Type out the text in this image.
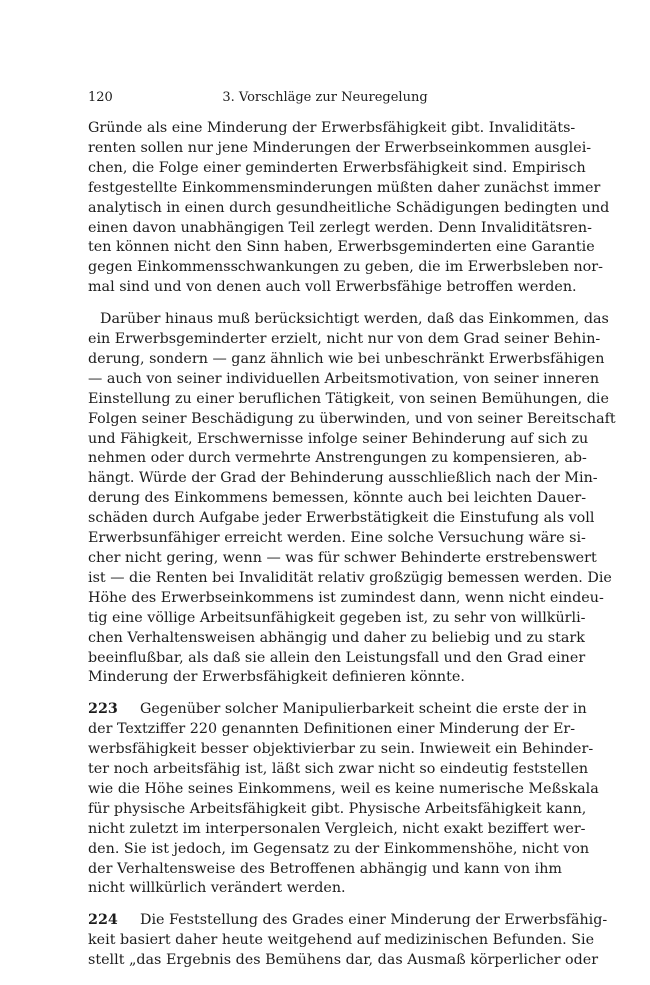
120	3. Vorschläge zur Neuregelung
Gründe als eine Minderung der Erwerbsfähigkeit gibt. Invaliditäts-
renten sollen nur jene Minderungen der Erwerbseinkommen ausglei-
chen, die Folge einer geminderten Erwerbsfähigkeit sind. Empirisch
festgestellte Einkommensminderungen müßten daher zunächst immer
analytisch in einen durch gesundheitliche Schädigungen bedingten und
einen davon unabhängigen Teil zerlegt werden. Denn Invaliditätsren-
ten können nicht den Sinn haben, Erwerbsgeminderten eine Garantie
gegen Einkommensschwankungen zu geben, die im Erwerbsleben nor-
mal sind und von denen auch voll Erwerbsfähige betroffen werden.
Darüber hinaus muß berücksichtigt werden, daß das Einkommen, das
ein Erwerbsgeminderter erzielt, nicht nur von dem Grad seiner Behin-
derung, sondern — ganz ähnlich wie bei unbeschränkt Erwerbsfähigen
— auch von seiner individuellen Arbeitsmotivation, von seiner inneren
Einstellung zu einer beruflichen Tätigkeit, von seinen Bemühungen, die
Folgen seiner Beschädigung zu überwinden, und von seiner Bereitschaft
und Fähigkeit, Erschwernisse infolge seiner Behinderung auf sich zu
nehmen oder durch vermehrte Anstrengungen zu kompensieren, ab-
hängt. Würde der Grad der Behinderung ausschließlich nach der Min-
derung des Einkommens bemessen, könnte auch bei leichten Dauer-
schäden durch Aufgabe jeder Erwerbstätigkeit die Einstufung als voll
Erwerbsunfähiger erreicht werden. Eine solche Versuchung wäre si-
cher nicht gering, wenn — was für schwer Behinderte erstrebenswert
ist — die Renten bei Invalidität relativ großzügig bemessen werden. Die
Höhe des Erwerbseinkommens ist zumindest dann, wenn nicht eindeu-
tig eine völlige Arbeitsunfähigkeit gegeben ist, zu sehr von willkürli-
chen Verhaltensweisen abhängig und daher zu beliebig und zu stark
beeinflußbar, als daß sie allein den Leistungsfall und den Grad einer
Minderung der Erwerbsfähigkeit definieren könnte.
223 Gegenüber solcher Manipulierbarkeit scheint die erste der in
der Textziffer 220 genannten Definitionen einer Minderung der Er-
werbsfähigkeit besser objektivierbar zu sein. Inwieweit ein Behinder-
ter noch arbeitsfähig ist, läßt sich zwar nicht so eindeutig feststellen
wie die Höhe seines Einkommens, weil es keine numerische Meßskala
für physische Arbeitsfähigkeit gibt. Physische Arbeitsfähigkeit kann,
nicht zuletzt im interpersonalen Vergleich, nicht exakt beziffert wer-
den. Sie ist jedoch, im Gegensatz zu der Einkommenshöhe, nicht von
der Verhaltensweise des Betroffenen abhängig und kann von ihm
nicht willkürlich verändert werden.
224 Die Feststellung des Grades einer Minderung der Erwerbsfähig-
keit basiert daher heute weitgehend auf medizinischen Befunden. Sie
stellt „das Ergebnis des Bemühens dar, das Ausmaß körperlicher oder
